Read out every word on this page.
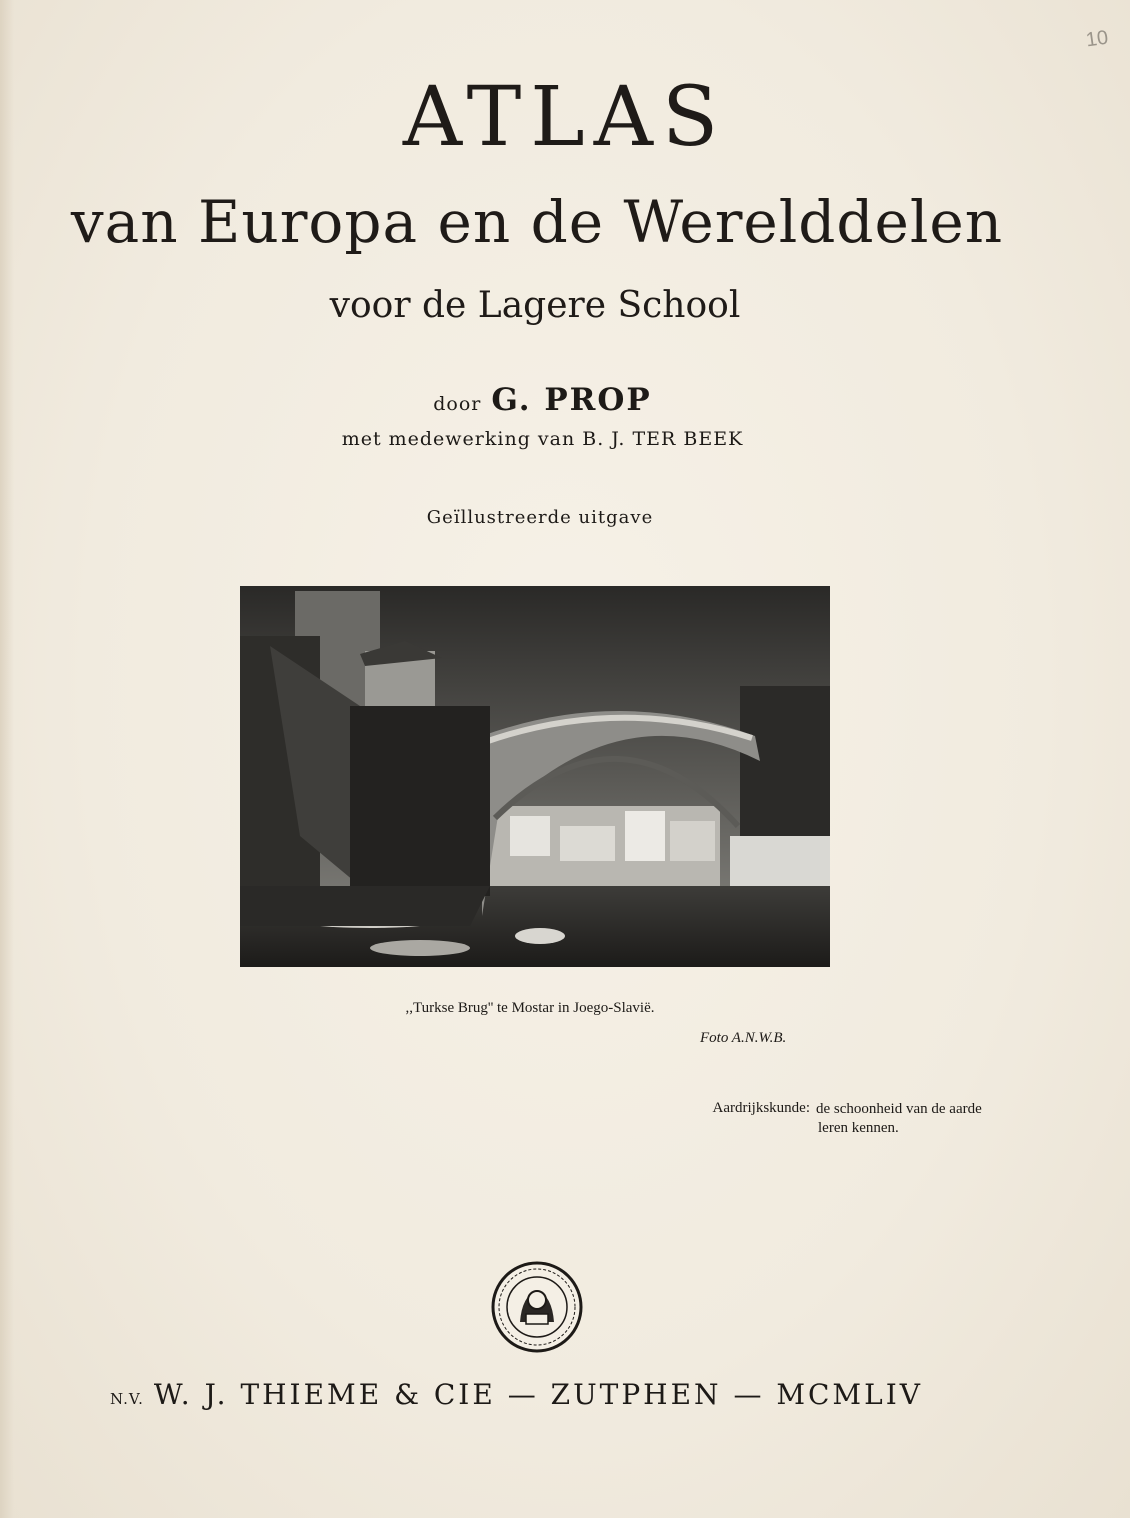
10
ATLAS
van Europa en de Werelddelen
voor de Lagere School
door G. PROP
met medewerking van B. J. TER BEEK
Geïllustreerde uitgave
,,Turkse Brug'' te Mostar in Joego-Slavië.
Foto A.N.W.B.
Aardrijkskunde: de schoonheid van de aarde
leren kennen.
N.V. W. J. THIEME & CIE — ZUTPHEN — MCMLIV
